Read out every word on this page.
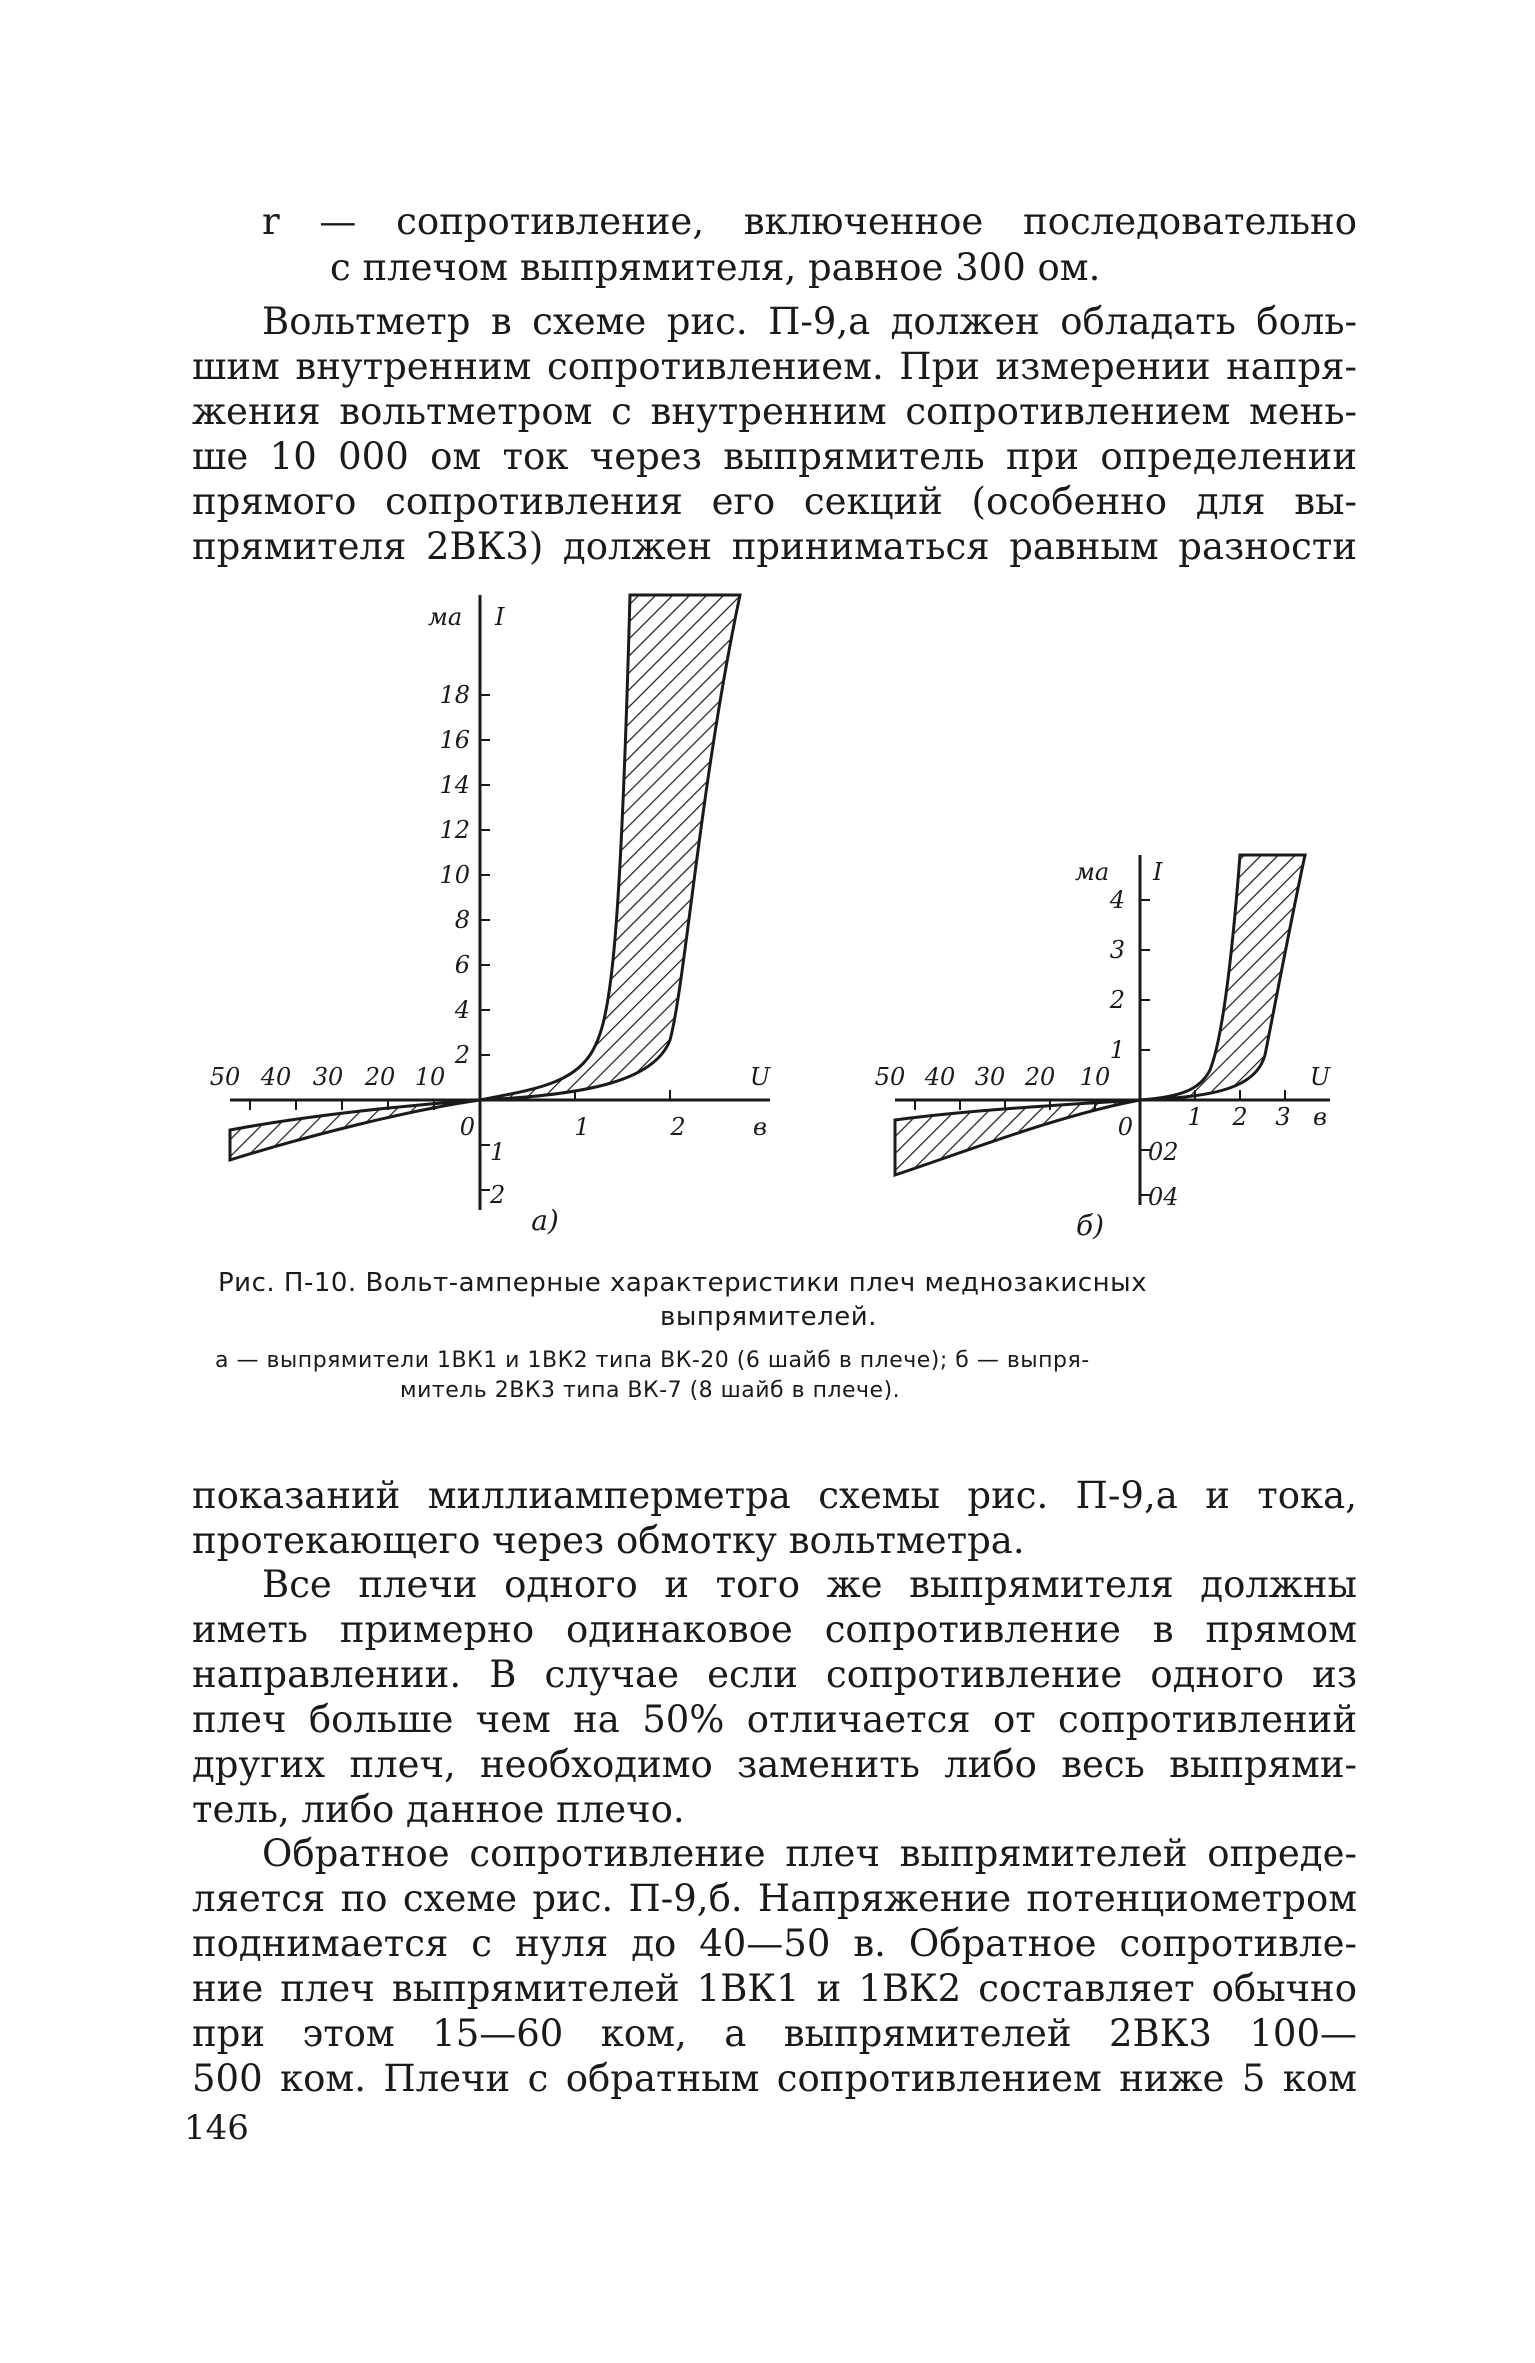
r — сопротивление, включенное последовательно
с плечом выпрямителя, равное 300 ом.
Вольтметр в схеме рис. П-9,а должен обладать боль-
шим внутренним сопротивлением. При измерении напря-
жения вольтметром с внутренним сопротивлением мень-
ше 10 000 ом ток через выпрямитель при определении
прямого сопротивления его секций (особенно для вы-
прямителя 2ВК3) должен приниматься равным разности
ма I
2
4
6
8
10
12
14
16
18
0
1
2
50 40 30 20 10
1	2
U
в
а)
ма I
1
2
3
4
0
02
04
50 40 30 20 10
1 2 3
U
в
б)
Рис. П-10. Вольт-амперные характеристики плеч меднозакисных
выпрямителей.
а — выпрямители 1ВК1 и 1ВК2 типа ВК-20 (6 шайб в плече); б — выпря-
митель 2ВК3 типа ВК-7 (8 шайб в плече).
показаний миллиамперметра схемы рис. П-9,а и тока,
протекающего через обмотку вольтметра.
Все плечи одного и того же выпрямителя должны
иметь примерно одинаковое сопротивление в прямом
направлении. В случае если сопротивление одного из
плеч больше чем на 50% отличается от сопротивлений
других плеч, необходимо заменить либо весь выпрями-
тель, либо данное плечо.
Обратное сопротивление плеч выпрямителей опреде-
ляется по схеме рис. П-9,б. Напряжение потенциометром
поднимается с нуля до 40—50 в. Обратное сопротивле-
ние плеч выпрямителей 1ВК1 и 1ВК2 составляет обычно
при этом 15—60 ком, а выпрямителей 2ВК3 100—
500 ком. Плечи с обратным сопротивлением ниже 5 ком
146
